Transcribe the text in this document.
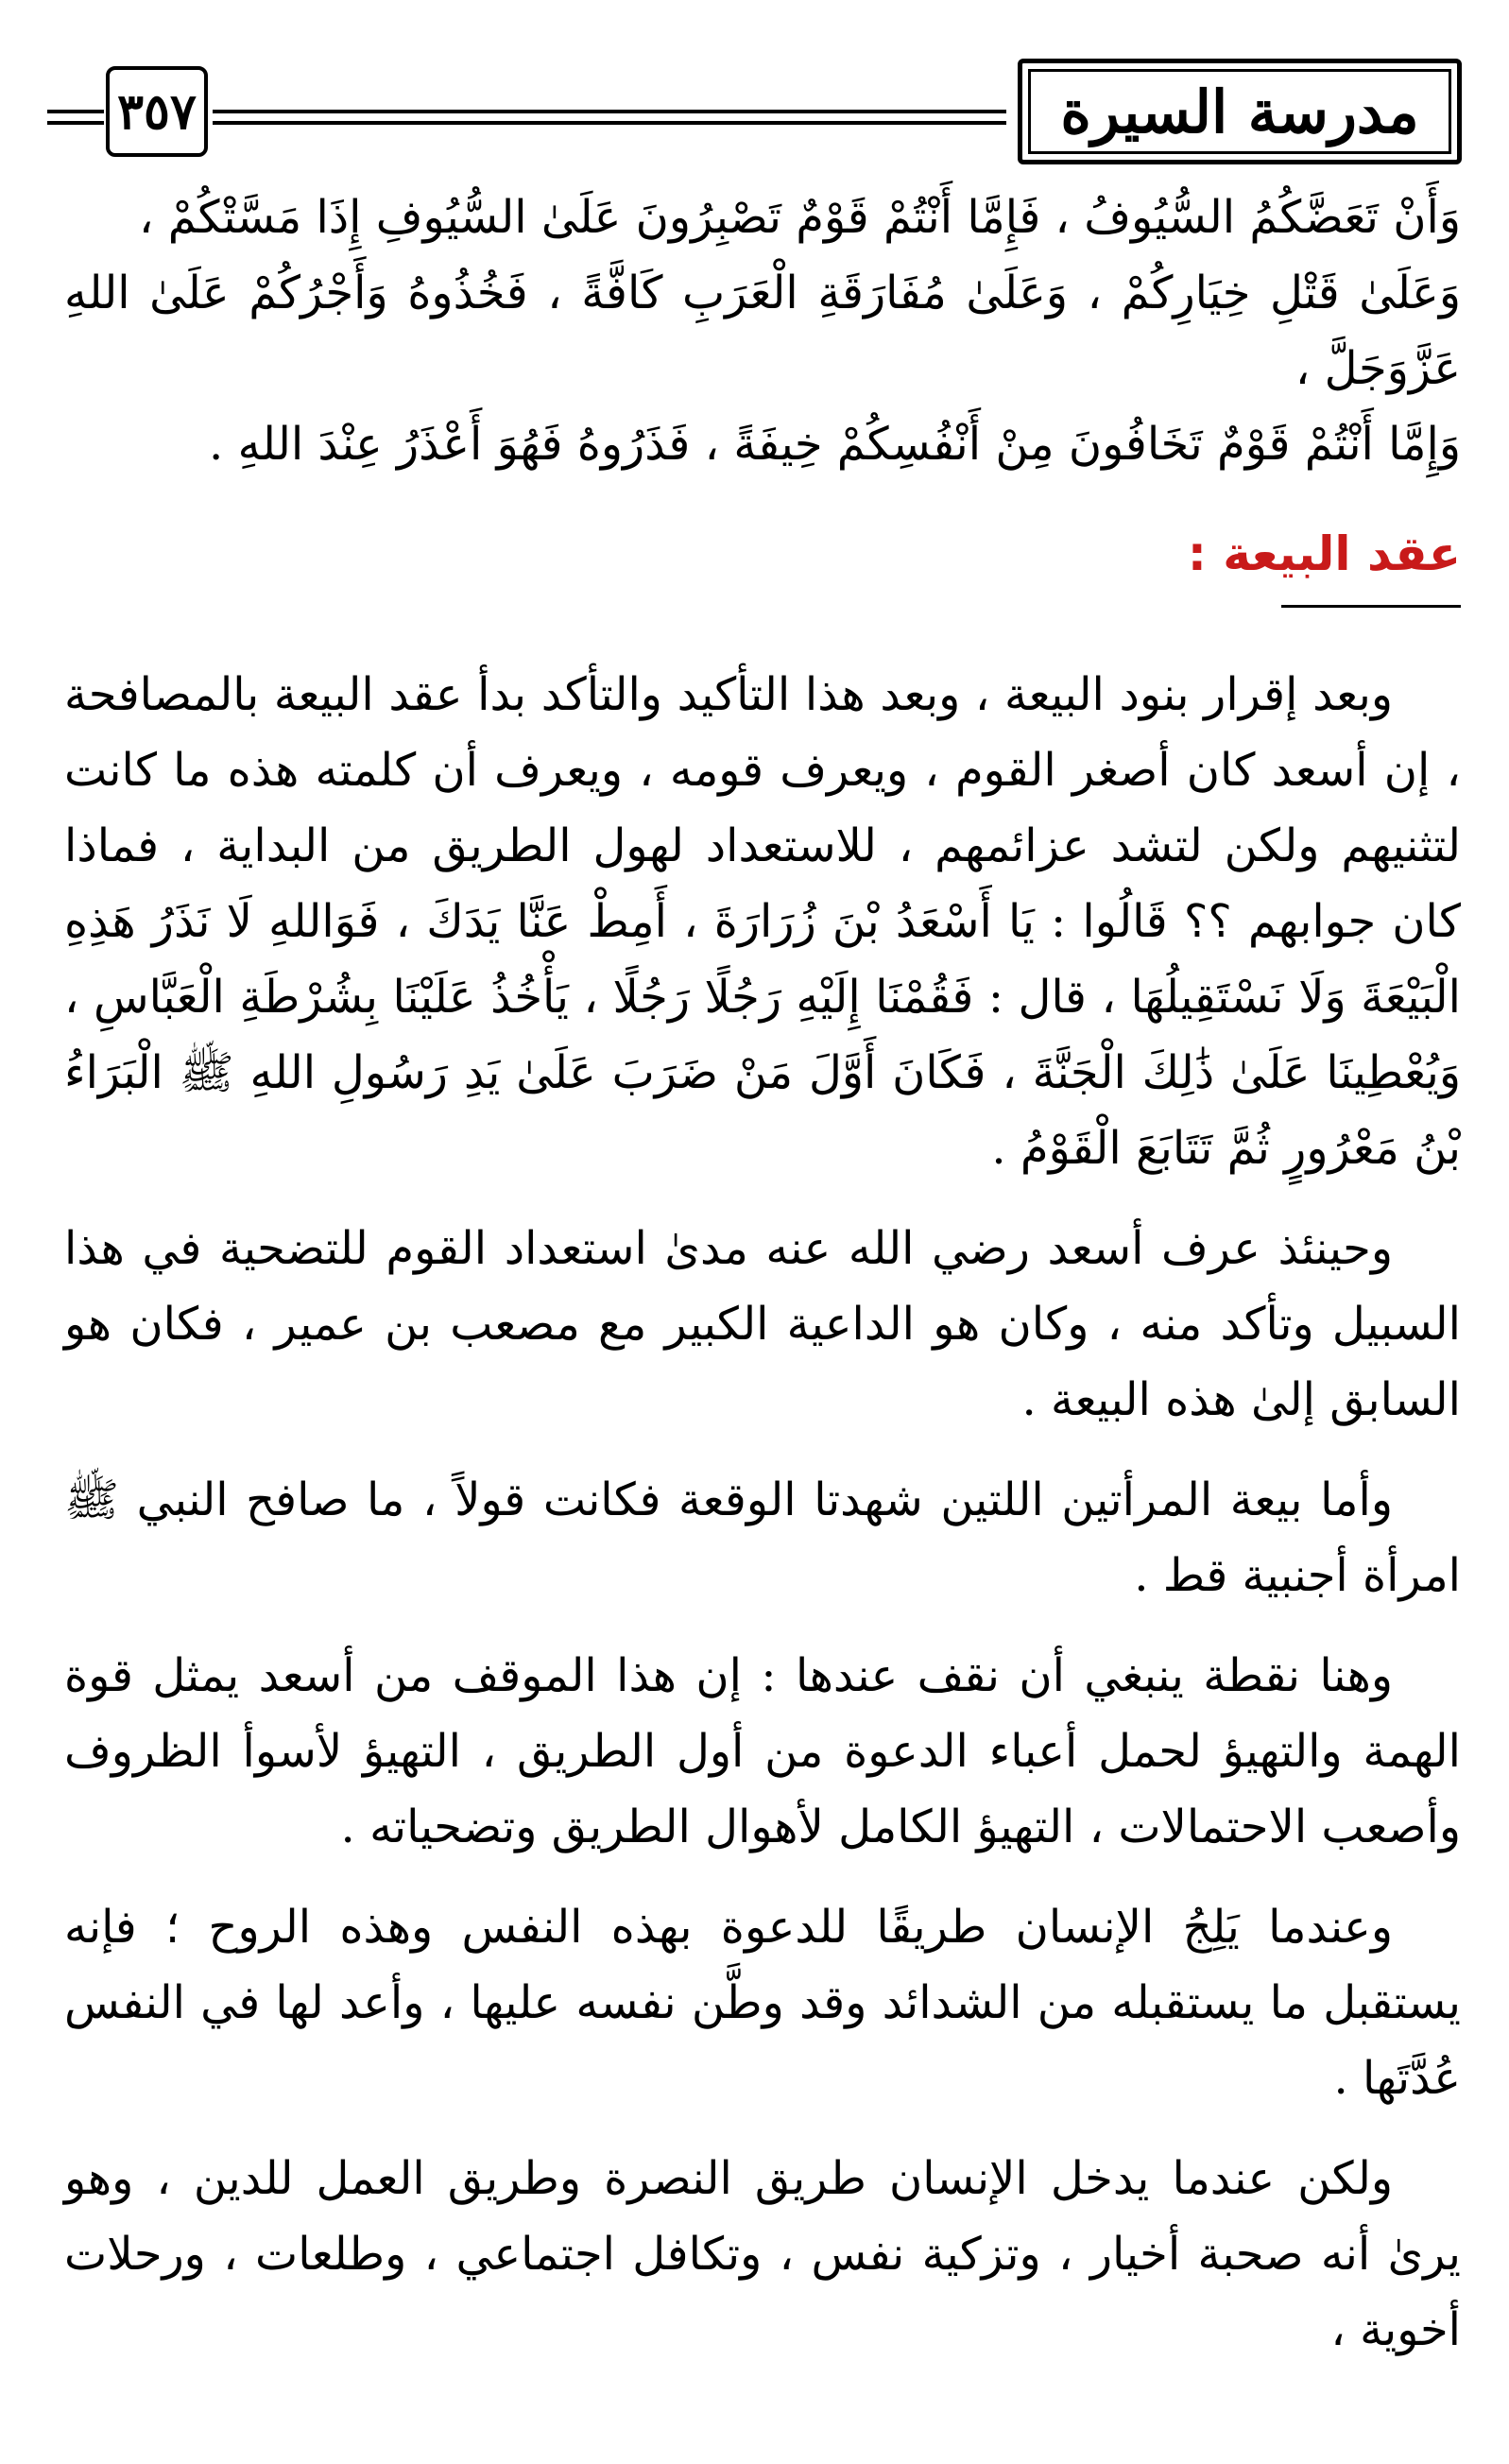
٣٥٧	مدرسة السيرة

وَأَنْ تَعَضَّكُمُ السُّيُوفُ ، فَإِمَّا أَنْتُمْ قَوْمٌ تَصْبِرُونَ عَلَىٰ السُّيُوفِ إِذَا مَسَّتْكُمْ ،

وَعَلَىٰ قَتْلِ خِيَارِكُمْ ، وَعَلَىٰ مُفَارَقَةِ الْعَرَبِ كَافَّةً ، فَخُذُوهُ وَأَجْرُكُمْ عَلَىٰ اللهِ عَزَّوَجَلَّ ،

وَإِمَّا أَنْتُمْ قَوْمٌ تَخَافُونَ مِنْ أَنْفُسِكُمْ خِيفَةً ، فَذَرُوهُ فَهُوَ أَعْذَرُ عِنْدَ اللهِ .

عقد البيعة :

وبعد إقرار بنود البيعة ، وبعد هذا التأكيد والتأكد بدأ عقد البيعة بالمصافحة ، إن أسعد كان أصغر القوم ، ويعرف قومه ، ويعرف أن كلمته هذه ما كانت لتثنيهم ولكن لتشد عزائمهم ، للاستعداد لهول الطريق من البداية ، فماذا كان جوابهم ؟؟ قَالُوا : يَا أَسْعَدُ بْنَ زُرَارَةَ ، أَمِطْ عَنَّا يَدَكَ ، فَوَاللهِ لَا نَذَرُ هَذِهِ الْبَيْعَةَ وَلَا نَسْتَقِيلُهَا ، قال : فَقُمْنَا إِلَيْهِ رَجُلًا رَجُلًا ، يَأْخُذُ عَلَيْنَا بِشُرْطَةِ الْعَبَّاسِ ، وَيُعْطِينَا عَلَىٰ ذَٰلِكَ الْجَنَّةَ ، فَكَانَ أَوَّلَ مَنْ ضَرَبَ عَلَىٰ يَدِ رَسُولِ اللهِ ﷺ الْبَرَاءُ بْنُ مَعْرُورٍ ثُمَّ تَتَابَعَ الْقَوْمُ .

وحينئذ عرف أسعد رضي الله عنه مدىٰ استعداد القوم للتضحية في هذا السبيل وتأكد منه ، وكان هو الداعية الكبير مع مصعب بن عمير ، فكان هو السابق إلىٰ هذه البيعة .

وأما بيعة المرأتين اللتين شهدتا الوقعة فكانت قولاً ، ما صافح النبي ﷺ امرأة أجنبية قط .

وهنا نقطة ينبغي أن نقف عندها : إن هذا الموقف من أسعد يمثل قوة الهمة والتهيؤ لحمل أعباء الدعوة من أول الطريق ، التهيؤ لأسوأ الظروف وأصعب الاحتمالات ، التهيؤ الكامل لأهوال الطريق وتضحياته .

وعندما يَلِجُ الإنسان طريقًا للدعوة بهذه النفس وهذه الروح ؛ فإنه يستقبل ما يستقبله من الشدائد وقد وطَّن نفسه عليها ، وأعد لها في النفس عُدَّتَها .

ولكن عندما يدخل الإنسان طريق النصرة وطريق العمل للدين ، وهو يرىٰ أنه صحبة أخيار ، وتزكية نفس ، وتكافل اجتماعي ، وطلعات ، ورحلات أخوية ،
